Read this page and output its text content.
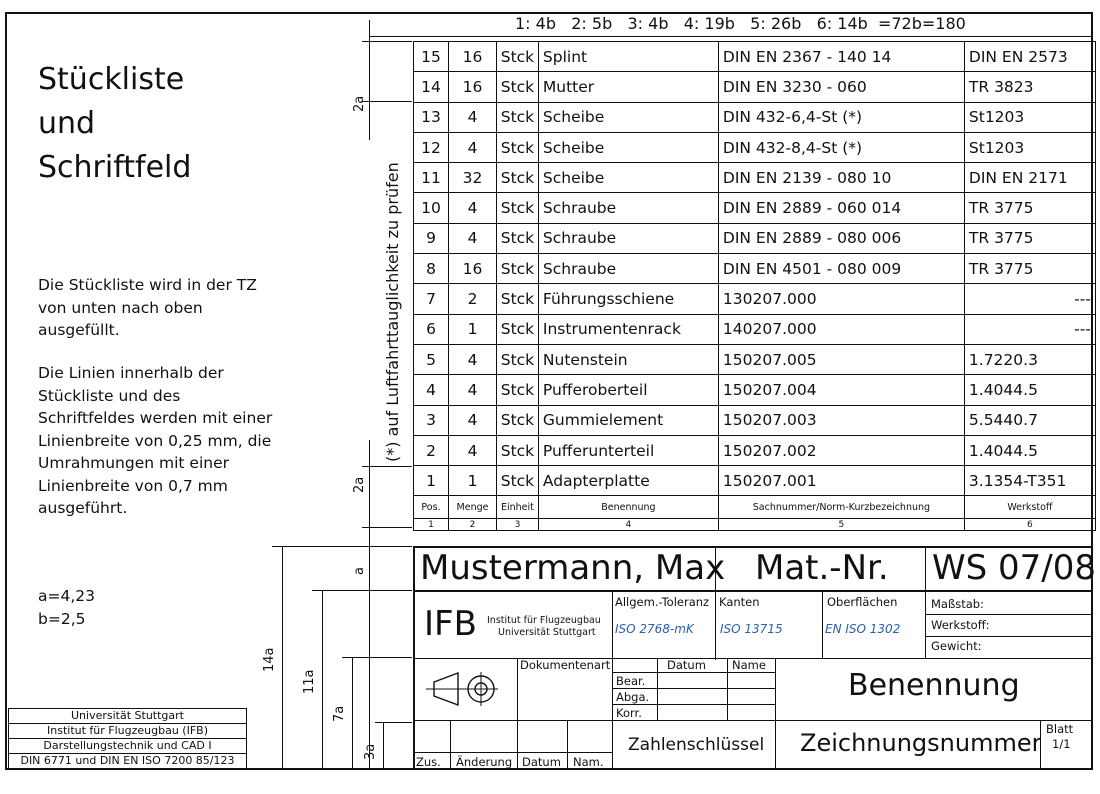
1: 4b   2: 5b   3: 4b   4: 19b   5: 26b   6: 14b  =72b=180
Stückliste
und
Schriftfeld
Die Stückliste wird in der TZ
von unten nach oben
ausgefüllt.
Die Linien innerhalb der
Stückliste und des
Schriftfeldes werden mit einer
Linienbreite von 0,25 mm, die
Umrahmungen mit einer
Linienbreite von 0,7 mm
ausgeführt.
a=4,23
b=2,5
Universität Stuttgart
Institut für Flugzeugbau (IFB)
Darstellungstechnik und CAD I
DIN 6771 und DIN EN ISO 7200 85/123
(*) auf Luftfahrttauglichkeit zu prüfen
2a
2a
a
14a
11a
7a
3a
15	16	Stck	Splint	DIN EN 2367 - 140 14	DIN EN 2573
14	16	Stck	Mutter	DIN EN 3230 - 060	TR 3823
13	4	Stck	Scheibe	DIN 432-6,4-St (*)	St1203
12	4	Stck	Scheibe	DIN 432-8,4-St (*)	St1203
11	32	Stck	Scheibe	DIN EN 2139 - 080 10	DIN EN 2171
10	4	Stck	Schraube	DIN EN 2889 - 060 014	TR 3775
9	4	Stck	Schraube	DIN EN 2889 - 080 006	TR 3775
8	16	Stck	Schraube	DIN EN 4501 - 080 009	TR 3775
7	2	Stck	Führungsschiene	130207.000	---
6	1	Stck	Instrumentenrack	140207.000	---
5	4	Stck	Nutenstein	150207.005	1.7220.3
4	4	Stck	Pufferoberteil	150207.004	1.4044.5
3	4	Stck	Gummielement	150207.003	5.5440.7
2	4	Stck	Pufferunterteil	150207.002	1.4044.5
1	1	Stck	Adapterplatte	150207.001	3.1354-T351
Pos.	Menge	Einheit	Benennung	Sachnummer/Norm-Kurzbezeichnung	Werkstoff
1	2	3	4	5	6
Mustermann, Max Mat.-Nr. WS 07/08
IFB Institut für Flugzeugbau
Universität Stuttgart
Allgem.-Toleranz
ISO 2768-mK
Kanten
ISO 13715
Oberflächen
EN ISO 1302
Maßstab:
Werkstoff:
Gewicht:
Dokumentenart	Datum Name
Bear.
Abga.
Korr.
Benennung
Zus. Änderung Datum Nam.
Zahlenschlüssel Zeichnungsnummer Blatt
1/1
